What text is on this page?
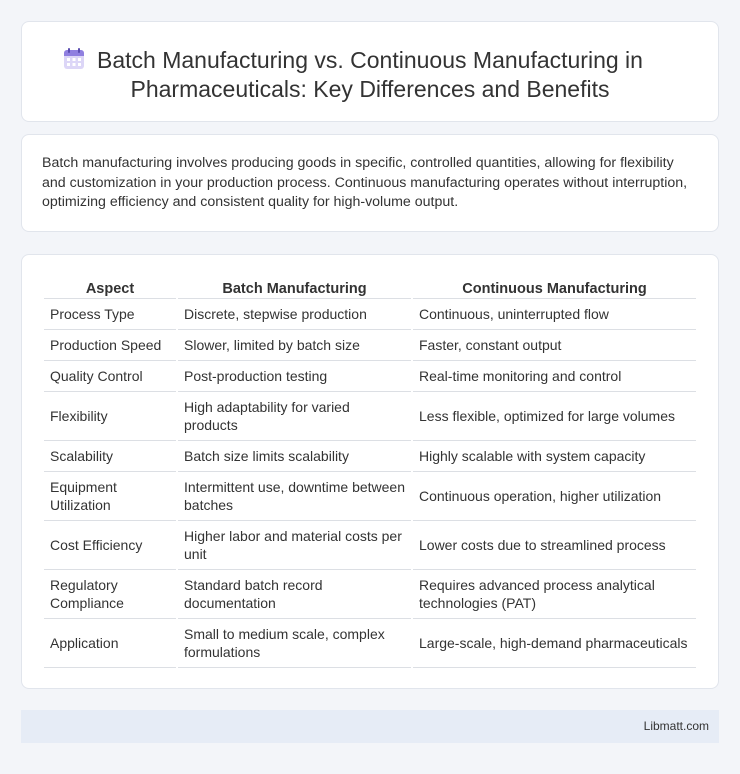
Batch Manufacturing vs. Continuous Manufacturing in
Pharmaceuticals: Key Differences and Benefits

Batch manufacturing involves producing goods in specific, controlled quantities, allowing for flexibility and customization in your production process. Continuous manufacturing operates without interruption, optimizing efficiency and consistent quality for high-volume output.

Aspect	Batch Manufacturing	Continuous Manufacturing
Process Type	Discrete, stepwise production	Continuous, uninterrupted flow
Production Speed	Slower, limited by batch size	Faster, constant output
Quality Control	Post-production testing	Real-time monitoring and control
Flexibility	High adaptability for varied products	Less flexible, optimized for large volumes
Scalability	Batch size limits scalability	Highly scalable with system capacity
Equipment Utilization	Intermittent use, downtime between batches	Continuous operation, higher utilization
Cost Efficiency	Higher labor and material costs per unit	Lower costs due to streamlined process
Regulatory Compliance	Standard batch record documentation	Requires advanced process analytical technologies (PAT)
Application	Small to medium scale, complex formulations	Large-scale, high-demand pharmaceuticals
Libmatt.com
